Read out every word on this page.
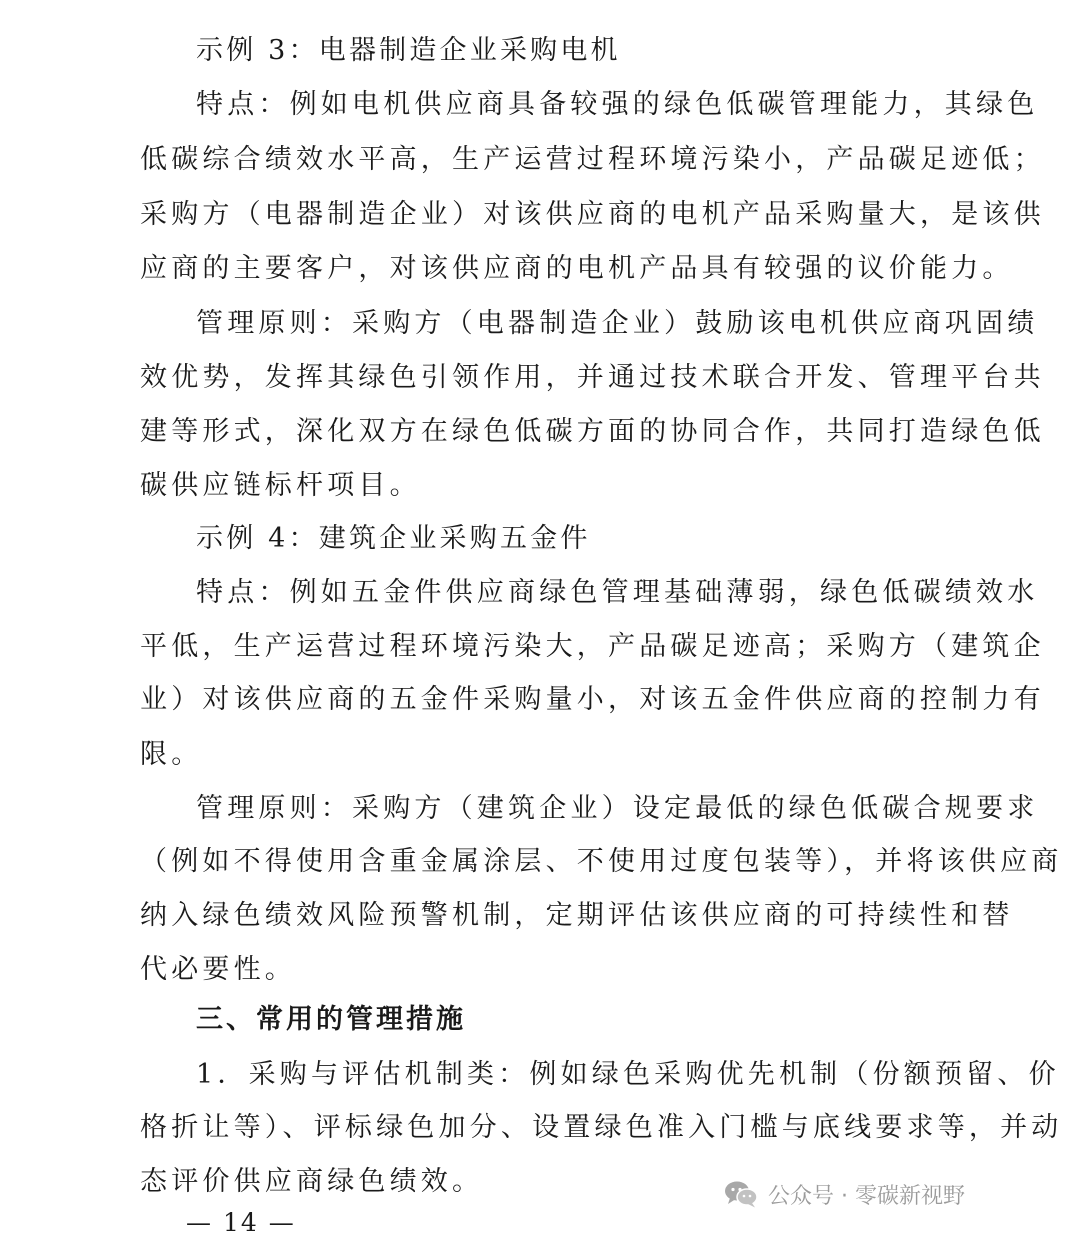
示例 3：电器制造企业采购电机
特点：例如电机供应商具备较强的绿色低碳管理能力，其绿色
低碳综合绩效水平高，生产运营过程环境污染小，产品碳足迹低；
采购方（电器制造企业）对该供应商的电机产品采购量大，是该供
应商的主要客户，对该供应商的电机产品具有较强的议价能力。
管理原则：采购方（电器制造企业）鼓励该电机供应商巩固绩
效优势，发挥其绿色引领作用，并通过技术联合开发、管理平台共
建等形式，深化双方在绿色低碳方面的协同合作，共同打造绿色低
碳供应链标杆项目。
示例 4：建筑企业采购五金件
特点：例如五金件供应商绿色管理基础薄弱，绿色低碳绩效水
平低，生产运营过程环境污染大，产品碳足迹高；采购方（建筑企
业）对该供应商的五金件采购量小，对该五金件供应商的控制力有
限。
管理原则：采购方（建筑企业）设定最低的绿色低碳合规要求
（例如不得使用含重金属涂层、不使用过度包装等），并将该供应商
纳入绿色绩效风险预警机制，定期评估该供应商的可持续性和替
代必要性。
三、常用的管理措施
1．采购与评估机制类：例如绿色采购优先机制（份额预留、价
格折让等）、评标绿色加分、设置绿色准入门槛与底线要求等，并动
态评价供应商绿色绩效。	公众号 · 零碳新视野
— 14 —
